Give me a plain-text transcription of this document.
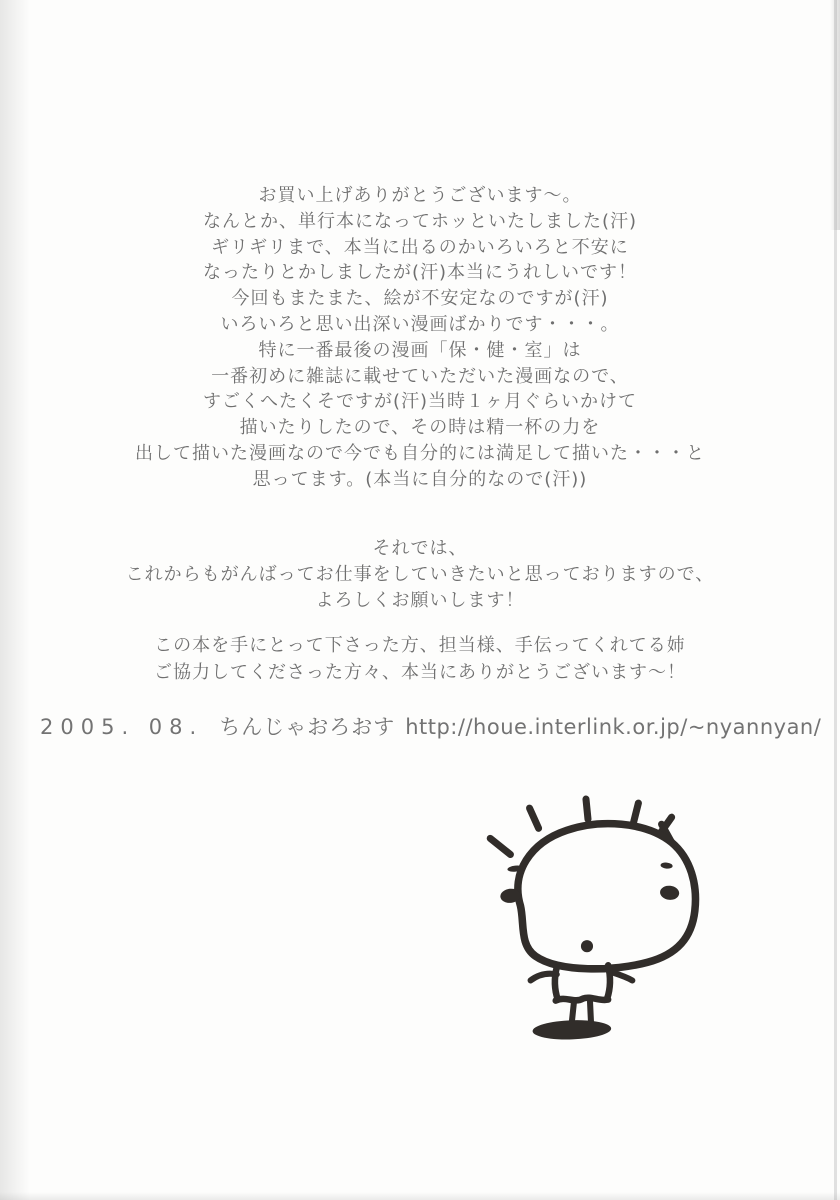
お買い上げありがとうございます～。
なんとか、単行本になってホッといたしました(汗)
ギリギリまで、本当に出るのかいろいろと不安に
なったりとかしましたが(汗)本当にうれしいです！
今回もまたまた、絵が不安定なのですが(汗)
いろいろと思い出深い漫画ばかりです・・・。
特に一番最後の漫画「保・健・室」は
一番初めに雑誌に載せていただいた漫画なので、
すごくへたくそですが(汗)当時１ヶ月ぐらいかけて
描いたりしたので、その時は精一杯の力を
出して描いた漫画なので今でも自分的には満足して描いた・・・と
思ってます。(本当に自分的なので(汗))
それでは、
これからもがんばってお仕事をしていきたいと思っておりますので、
よろしくお願いします！
この本を手にとって下さった方、担当様、手伝ってくれてる姉
ご協力してくださった方々、本当にありがとうございます～！
2005. 08. ちんじゃおろおす http://houe.interlink.or.jp/~nyannyan/
